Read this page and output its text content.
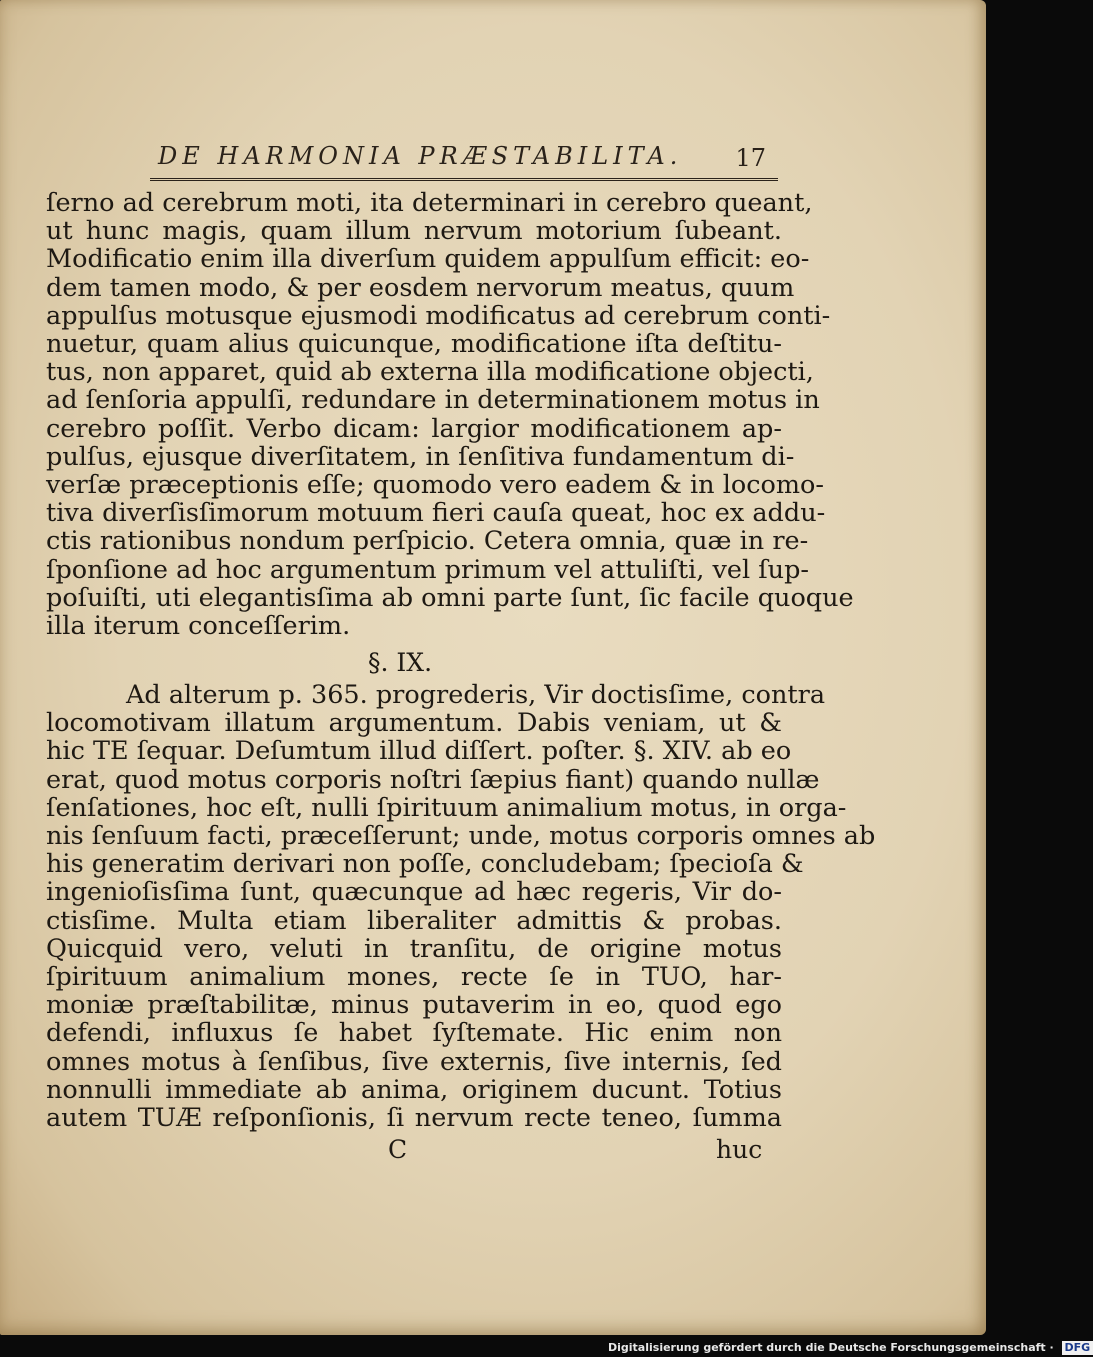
DE HARMONIA PRÆSTABILITA. 17
ſerno ad cerebrum moti, ita determinari in cerebro queant,
ut hunc magis, quam illum nervum motorium ſubeant.
Modificatio enim illa diverſum quidem appulſum efficit: eo-
dem tamen modo, & per eosdem nervorum meatus, quum
appulſus motusque ejusmodi modificatus ad cerebrum conti-
nuetur, quam alius quicunque, modificatione iſta deſtitu-
tus, non apparet, quid ab externa illa modificatione objecti,
ad ſenſoria appulſi, redundare in determinationem motus in
cerebro poſſit. Verbo dicam: largior modificationem ap-
pulſus, ejusque diverſitatem, in ſenſitiva fundamentum di-
verſæ præceptionis eſſe; quomodo vero eadem & in locomo-
tiva diverſisſimorum motuum fieri cauſa queat, hoc ex addu-
ctis rationibus nondum perſpicio. Cetera omnia, quæ in re-
ſponſione ad hoc argumentum primum vel attuliſti, vel ſup-
poſuiſti, uti elegantisſima ab omni parte ſunt, ſic facile quoque
illa iterum conceſſerim.
§. IX.
Ad alterum p. 365. progrederis, Vir doctisſime, contra
locomotivam illatum argumentum. Dabis veniam, ut &
hic TE ſequar. Deſumtum illud diſſert. poſter. §. XIV. ab eo
erat, quod motus corporis noſtri ſæpius fiant) quando nullæ
ſenſationes, hoc eſt, nulli ſpirituum animalium motus, in orga-
nis ſenſuum facti, præceſſerunt; unde, motus corporis omnes ab
his generatim derivari non poſſe, concludebam; ſpecioſa &
ingenioſisſima ſunt, quæcunque ad hæc regeris, Vir do-
ctisſime. Multa etiam liberaliter admittis & probas.
Quicquid vero, veluti in tranſitu, de origine motus
ſpirituum animalium mones, recte ſe in TUO, har-
moniæ præſtabilitæ, minus putaverim in eo, quod ego
defendi, influxus ſe habet ſyſtemate. Hic enim non
omnes motus à ſenſibus, ſive externis, ſive internis, ſed
nonnulli immediate ab anima, originem ducunt. Totius
autem TUÆ reſponſionis, ſi nervum recte teneo, ſumma
C	huc
Digitalisierung gefördert durch die Deutsche Forschungsgemeinschaft · DFG
